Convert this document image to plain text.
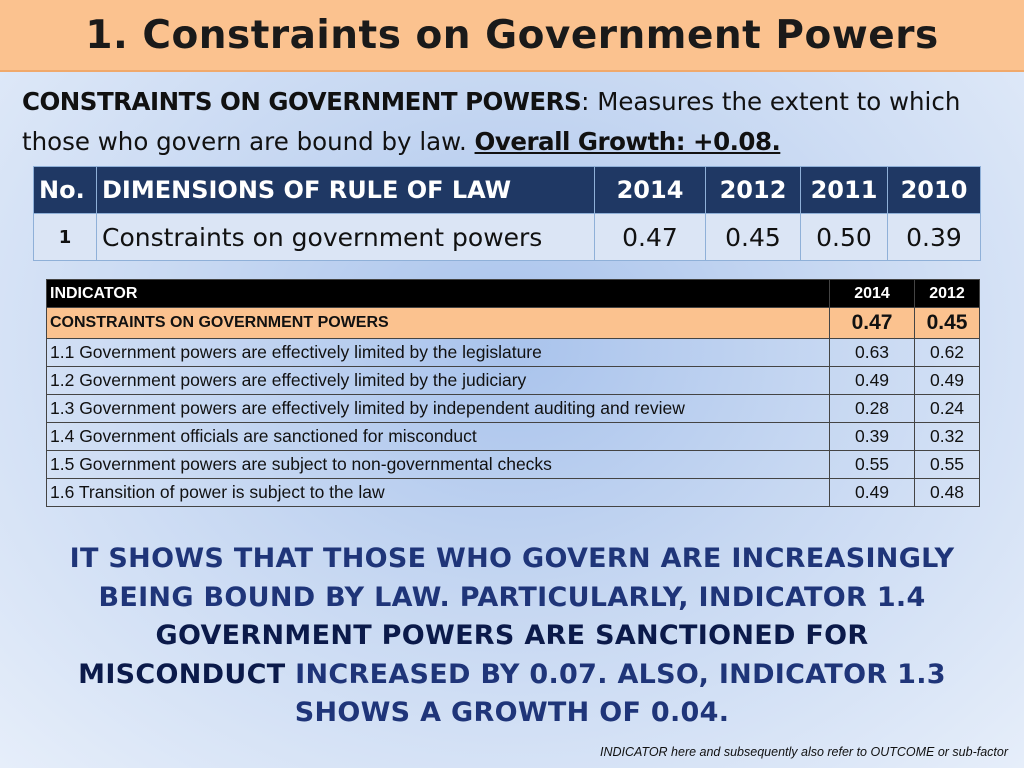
1. Constraints on Government Powers
CONSTRAINTS ON GOVERNMENT POWERS: Measures the extent to which those who govern are bound by law. Overall Growth: +0.08.
No.	DIMENSIONS OF RULE OF LAW	2014	2012	2011	2010
1	Constraints on government powers	0.47	0.45	0.50	0.39
INDICATOR	2014	2012
CONSTRAINTS ON GOVERNMENT POWERS	0.47	0.45
1.1 Government powers are effectively limited by the legislature	0.63	0.62
1.2 Government powers are effectively limited by the judiciary	0.49	0.49
1.3 Government powers are effectively limited by independent auditing and review	0.28	0.24
1.4 Government officials are sanctioned for misconduct	0.39	0.32
1.5 Government powers are subject to non-governmental checks	0.55	0.55
1.6 Transition of power is subject to the law	0.49	0.48
IT SHOWS THAT THOSE WHO GOVERN ARE INCREASINGLY
BEING BOUND BY LAW. PARTICULARLY, INDICATOR 1.4
GOVERNMENT POWERS ARE SANCTIONED FOR
MISCONDUCT INCREASED BY 0.07. ALSO, INDICATOR 1.3
SHOWS A GROWTH OF 0.04.
INDICATOR here and subsequently also refer to OUTCOME or sub-factor
